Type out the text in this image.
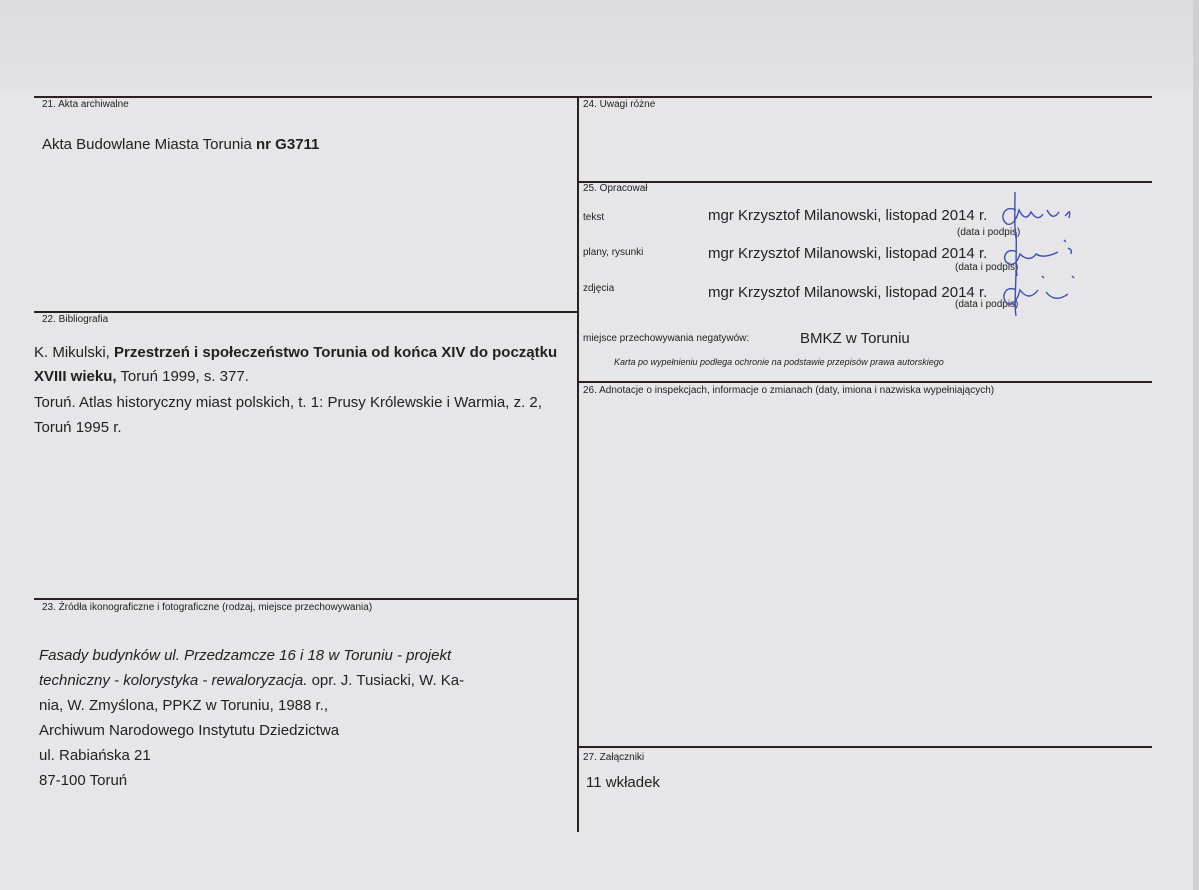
21. Akta archiwalne
Akta Budowlane Miasta Torunia nr G3711
22. Bibliografia
K. Mikulski, Przestrzeń i społeczeństwo Torunia od końca XIV do początku
XVIII wieku, Toruń 1999, s. 377.
Toruń. Atlas historyczny miast polskich, t. 1: Prusy Królewskie i Warmia, z. 2,
Toruń 1995 r.
23. Źródła ikonograficzne i fotograficzne (rodzaj, miejsce przechowywania)
Fasady budynków ul. Przedzamcze 16 i 18 w Toruniu - projekt
techniczny - kolorystyka - rewaloryzacja. opr. J. Tusiacki, W. Ka-
nia, W. Zmyślona, PPKZ w Toruniu, 1988 r.,
Archiwum Narodowego Instytutu Dziedzictwa
ul. Rabiańska 21
87-100 Toruń
24. Uwagi różne
25. Opracował
tekst	mgr Krzysztof Milanowski, listopad 2014 r.
(data i podpis)
plany, rysunki	mgr Krzysztof Milanowski, listopad 2014 r.
(data i podpis)
zdjęcia	mgr Krzysztof Milanowski, listopad 2014 r.
(data i podpis)
miejsce przechowywania negatywów:	BMKZ w Toruniu
Karta po wypełnieniu podlega ochronie na podstawie przepisów prawa autorskiego
26. Adnotacje o inspekcjach, informacje o zmianach (daty, imiona i nazwiska wypełniających)
27. Załączniki
11 wkładek
